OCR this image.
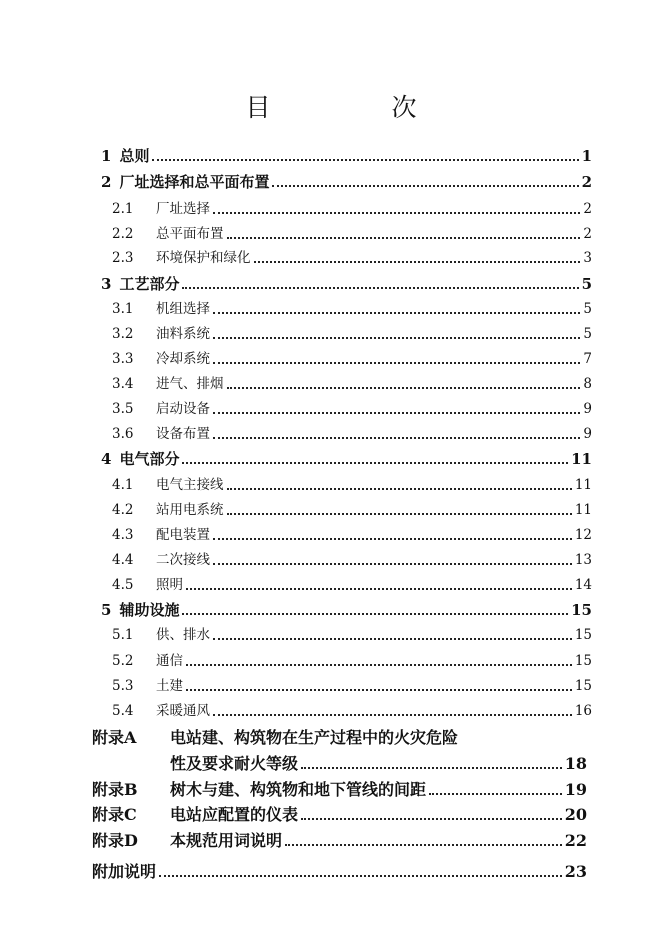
目　次
1 总则	1
2 厂址选择和总平面布置	2
2.1	厂址选择	2
2.2	总平面布置	2
2.3	环境保护和绿化	3
3 工艺部分	5
3.1	机组选择	5
3.2	油料系统	5
3.3	冷却系统	7
3.4	进气、排烟	8
3.5	启动设备	9
3.6	设备布置	9
4 电气部分	11
4.1	电气主接线	11
4.2	站用电系统	11
4.3	配电装置	12
4.4	二次接线	13
4.5	照明	14
5 辅助设施	15
5.1	供、排水	15
5.2	通信	15
5.3	土建	15
5.4	采暖通风	16
附录A	电站建、构筑物在生产过程中的火灾危险
性及要求耐火等级	18
附录B	树木与建、构筑物和地下管线的间距	19
附录C	电站应配置的仪表	20
附录D	本规范用词说明	22
附加说明	23
